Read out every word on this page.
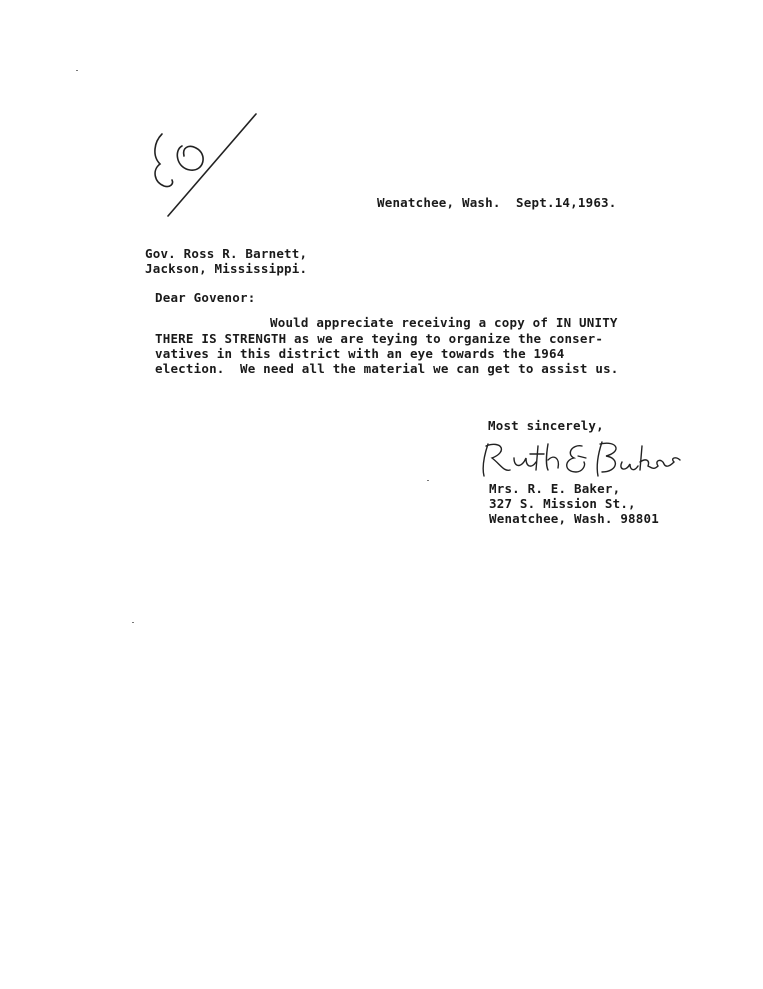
Wenatchee, Wash.  Sept.14,1963.
Gov. Ross R. Barnett,
Jackson, Mississippi.
Dear Govenor:
Would appreciate receiving a copy of IN UNITY
THERE IS STRENGTH as we are teying to organize the conser-
vatives in this district with an eye towards the 1964
election.  We need all the material we can get to assist us.
Most sincerely,
Mrs. R. E. Baker,
327 S. Mission St.,
Wenatchee, Wash. 98801
